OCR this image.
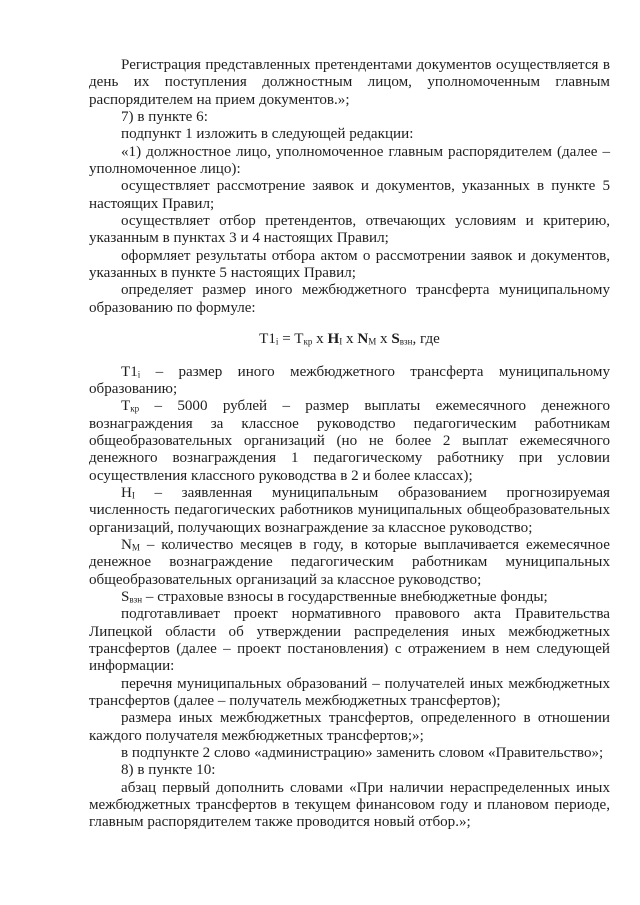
Регистрация представленных претендентами документов осуществляется в день их поступления должностным лицом, уполномоченным главным распорядителем на прием документов.»;

7) в пункте 6:

подпункт 1 изложить в следующей редакции:

«1) должностное лицо, уполномоченное главным распорядителем (далее – уполномоченное лицо):

осуществляет рассмотрение заявок и документов, указанных в пункте 5 настоящих Правил;

осуществляет отбор претендентов, отвечающих условиям и критерию, указанным в пунктах 3 и 4 настоящих Правил;

оформляет результаты отбора актом о рассмотрении заявок и документов, указанных в пункте 5 настоящих Правил;

определяет размер иного межбюджетного трансферта муниципальному образованию по формуле:

$T1_i = T_{кр}$ x $H_I$ x $N_М$ x $S_{взн}$, где

$T1_i$ – размер иного межбюджетного трансферта муниципальному образованию;

$T_{кр} - 5000$ рублей – размер выплаты ежемесячного денежного вознаграждения за классное руководство педагогическим работникам общеобразовательных организаций (но не более 2 выплат ежемесячного денежного вознаграждения 1 педагогическому работнику при условии осуществления классного руководства в 2 и более классах);

$H_I$ – заявленная муниципальным образованием прогнозируемая численность педагогических работников муниципальных общеобразовательных организаций, получающих вознаграждение за классное руководство;

$N_М$ – количество месяцев в году, в которые выплачивается ежемесячное денежное вознаграждение педагогическим работникам муниципальных общеобразовательных организаций за классное руководство;

$S_{взн}$ – страховые взносы в государственные внебюджетные фонды;

подготавливает проект нормативного правового акта Правительства Липецкой области об утверждении распределения иных межбюджетных трансфертов (далее – проект постановления) с отражением в нем следующей информации:

перечня муниципальных образований – получателей иных межбюджетных трансфертов (далее – получатель межбюджетных трансфертов);

размера иных межбюджетных трансфертов, определенного в отношении каждого получателя межбюджетных трансфертов;»;

в подпункте 2 слово «администрацию» заменить словом «Правительство»;

8) в пункте 10:

абзац первый дополнить словами «При наличии нераспределенных иных межбюджетных трансфертов в текущем финансовом году и плановом периоде, главным распорядителем также проводится новый отбор.»;
